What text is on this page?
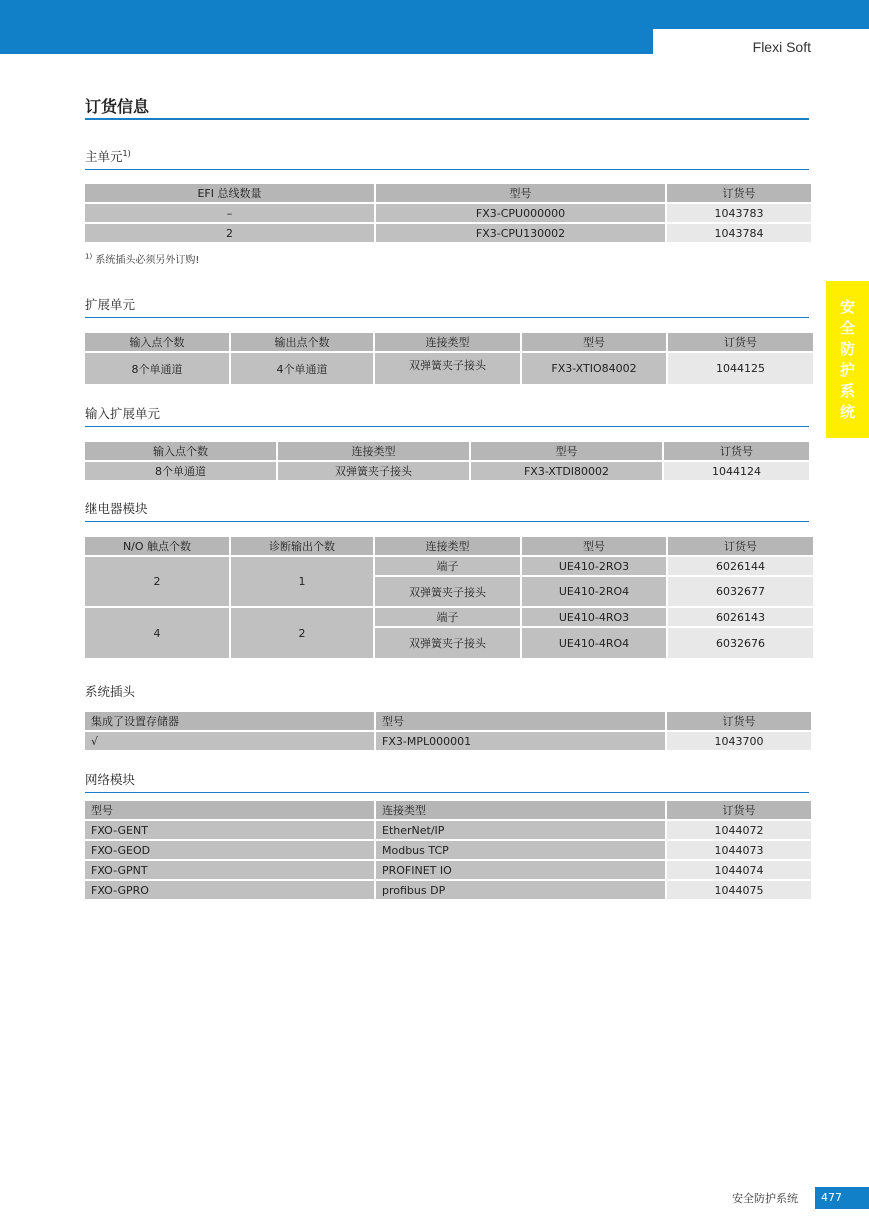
Flexi Soft
订货信息
安
全
防
护
系
统
主单元$^{1)}$
EFI 总线数量	型号	订货号
–	FX3-CPU000000	1043783
2	FX3-CPU130002	1043784
$^{1)}$ 系统插头必须另外订购!
扩展单元
输入点个数	输出点个数	连接类型	型号	订货号
8个单通道	4个单通道	双弹簧夹子接头	FX3-XTIO84002	1044125
输入扩展单元
输入点个数	连接类型	型号	订货号
8个单通道	双弹簧夹子接头	FX3-XTDI80002	1044124
继电器模块
N/O 触点个数	诊断输出个数	连接类型	型号	订货号
2	1	端子	UE410-2RO3	6026144
		双弹簧夹子接头	UE410-2RO4	6032677
4	2	端子	UE410-4RO3	6026143
		双弹簧夹子接头	UE410-4RO4	6032676
系统插头
集成了设置存储器	型号	订货号
√	FX3-MPL000001	1043700
网络模块
型号	连接类型	订货号
FXO-GENT	EtherNet/IP	1044072
FXO-GEOD	Modbus TCP	1044073
FXO-GPNT	PROFINET IO	1044074
FXO-GPRO	profibus DP	1044075
安全防护系统	477
